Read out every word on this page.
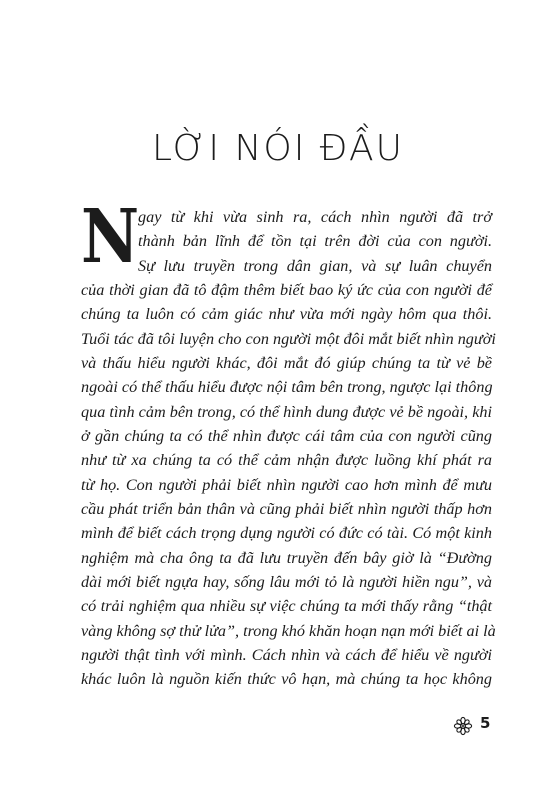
LỜI NÓI ĐẦU
N
gay từ khi vừa sinh ra, cách nhìn người đã trở
thành bản lĩnh để tồn tại trên đời của con người.
Sự lưu truyền trong dân gian, và sự luân chuyển
của thời gian đã tô đậm thêm biết bao ký ức của con người để
chúng ta luôn có cảm giác như vừa mới ngày hôm qua thôi.
Tuổi tác đã tôi luyện cho con người một đôi mắt biết nhìn người
và thấu hiểu người khác, đôi mắt đó giúp chúng ta từ vẻ bề
ngoài có thể thấu hiểu được nội tâm bên trong, ngược lại thông
qua tình cảm bên trong, có thể hình dung được vẻ bề ngoài, khi
ở gần chúng ta có thể nhìn được cái tâm của con người cũng
như từ xa chúng ta có thể cảm nhận được luồng khí phát ra
từ họ. Con người phải biết nhìn người cao hơn mình để mưu
cầu phát triển bản thân và cũng phải biết nhìn người thấp hơn
mình để biết cách trọng dụng người có đức có tài. Có một kinh
nghiệm mà cha ông ta đã lưu truyền đến bây giờ là “Đường
dài mới biết ngựa hay, sống lâu mới tỏ là người hiền ngu”, và
có trải nghiệm qua nhiều sự việc chúng ta mới thấy rằng “thật
vàng không sợ thử lửa”, trong khó khăn hoạn nạn mới biết ai là
người thật tình với mình. Cách nhìn và cách để hiểu về người
khác luôn là nguồn kiến thức vô hạn, mà chúng ta học không
5
